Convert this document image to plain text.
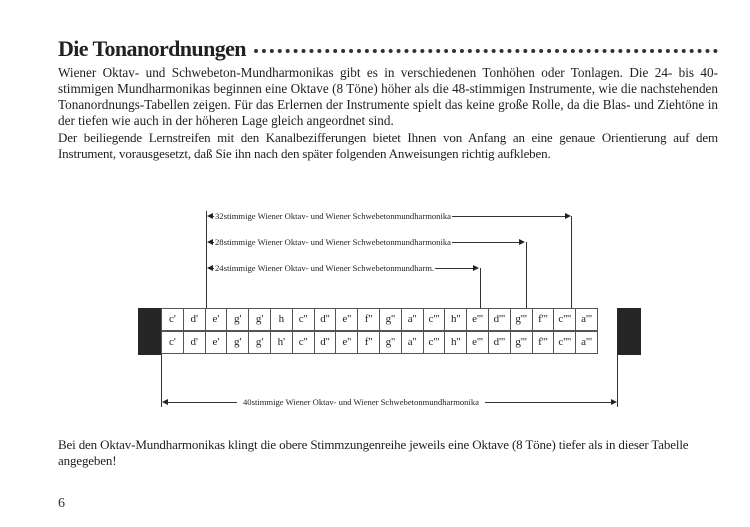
Die Tonanordnungen

Wiener Oktav- und Schwebeton-Mundharmonikas gibt es in verschiedenen Tonhöhen oder Tonlagen. Die 24- bis 40-stimmigen Mundharmonikas beginnen eine Oktave (8 Töne) höher als die 48-stimmigen Instrumente, wie die nachstehenden Tonanordnungs-Tabellen zeigen. Für das Erlernen der Instrumente spielt das keine große Rolle, da die Blas- und Ziehtöne in der tiefen wie auch in der höheren Lage gleich angeordnet sind.

Der beiliegende Lernstreifen mit den Kanalbezifferungen bietet Ihnen von Anfang an eine genaue Orientierung auf dem Instrument, vorausgesetzt, daß Sie ihn nach den später folgenden Anweisungen richtig aufkleben.

32stimmige Wiener Oktav- und Wiener Schwebetonmundharmonika
28stimmige Wiener Oktav- und Wiener Schwebetonmundharmonika
24stimmige Wiener Oktav- und Wiener Schwebetonmundharm.
c'	d'	e'	g'	g'	h	c''	d''	e''	f''	g''	a''	c'''	h''	e''' d''' g'''	f''' c'''' a'''
c'	d'	e'	g'	g'	h'	c''	d''	e''	f''	g''	a''	c'''	h''	e''' d''' g'''	f''' c'''' a'''
40stimmige Wiener Oktav- und Wiener Schwebetonmundharmonika

Bei den Oktav-Mundharmonikas klingt die obere Stimmzungenreihe jeweils eine Oktave (8 Töne) tiefer als in dieser Tabelle angegeben!

6
